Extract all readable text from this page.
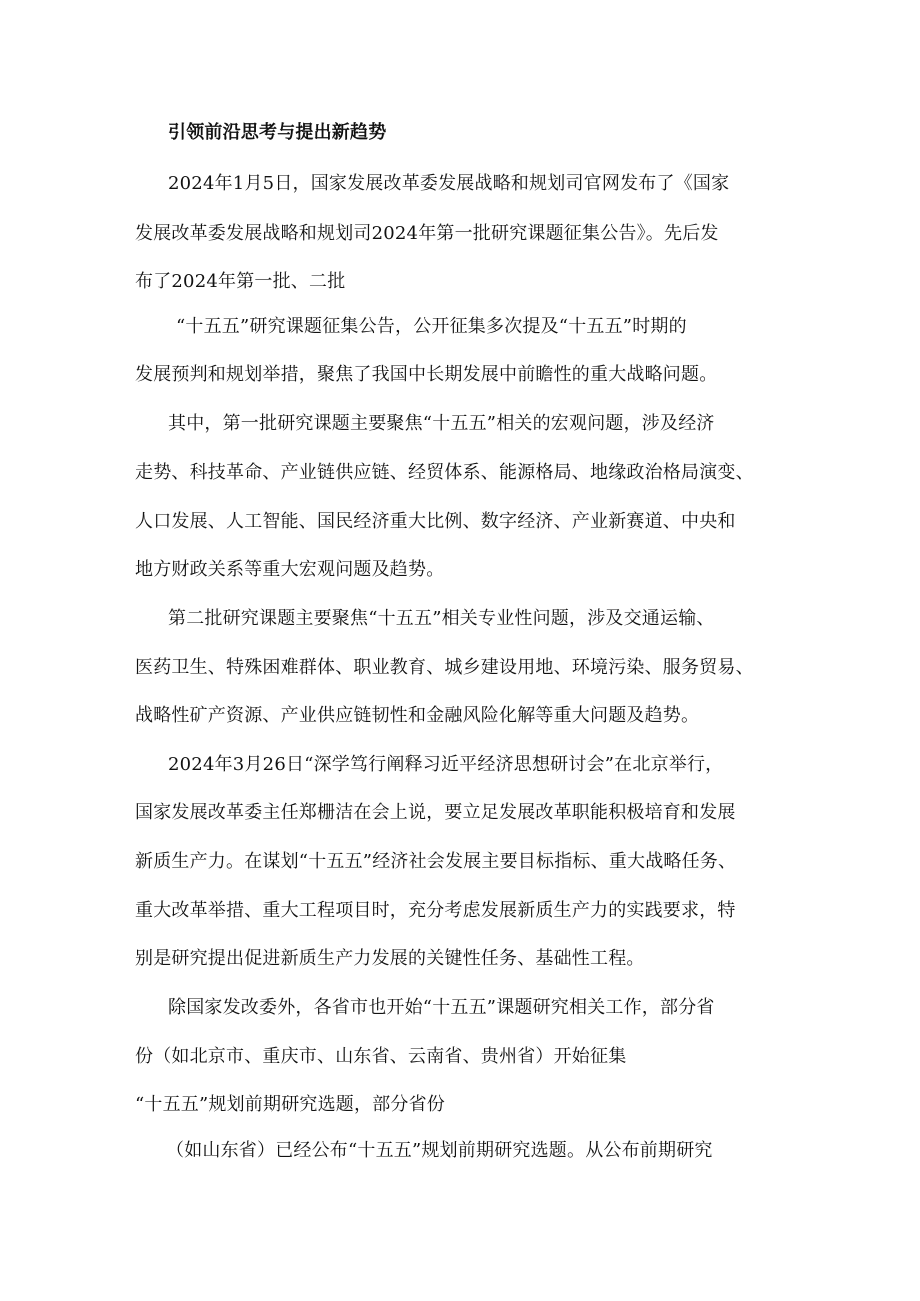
引领前沿思考与提出新趋势
2024年1月5日，国家发展改革委发展战略和规划司官网发布了《国家
发展改革委发展战略和规划司2024年第一批研究课题征集公告》。先后发
布了2024年第一批、二批
“十五五”研究课题征集公告，公开征集多次提及“十五五”时期的
发展预判和规划举措，聚焦了我国中长期发展中前瞻性的重大战略问题。
其中，第一批研究课题主要聚焦“十五五”相关的宏观问题，涉及经济
走势、科技革命、产业链供应链、经贸体系、能源格局、地缘政治格局演变、
人口发展、人工智能、国民经济重大比例、数字经济、产业新赛道、中央和
地方财政关系等重大宏观问题及趋势。
第二批研究课题主要聚焦“十五五”相关专业性问题，涉及交通运输、
医药卫生、特殊困难群体、职业教育、城乡建设用地、环境污染、服务贸易、
战略性矿产资源、产业供应链韧性和金融风险化解等重大问题及趋势。
2024年3月26日“深学笃行阐释习近平经济思想研讨会”在北京举行，
国家发展改革委主任郑栅洁在会上说，要立足发展改革职能积极培育和发展
新质生产力。在谋划“十五五”经济社会发展主要目标指标、重大战略任务、
重大改革举措、重大工程项目时，充分考虑发展新质生产力的实践要求，特
别是研究提出促进新质生产力发展的关键性任务、基础性工程。
除国家发改委外，各省市也开始“十五五”课题研究相关工作，部分省
份（如北京市、重庆市、山东省、云南省、贵州省）开始征集
“十五五”规划前期研究选题，部分省份
（如山东省）已经公布“十五五”规划前期研究选题。从公布前期研究
